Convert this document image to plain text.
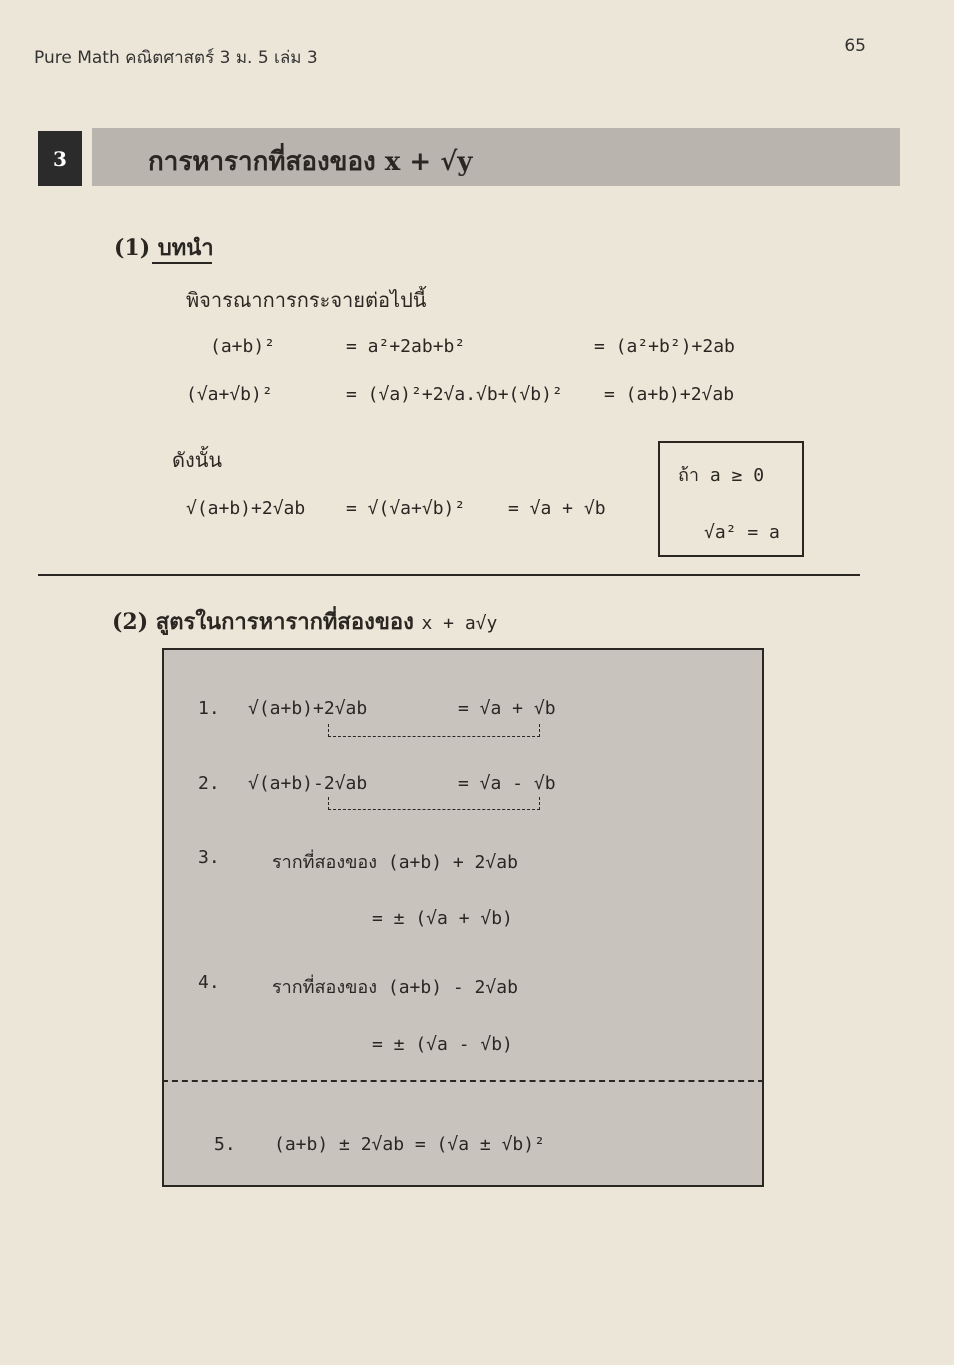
Pure Math คณิตศาสตร์ 3 ม. 5 เล่ม 3
65
3	การหารากที่สองของ x + √y
(1) บทนำ
พิจารณาการกระจายต่อไปนี้
(a+b)²	= a²+2ab+b²	= (a²+b²)+2ab
(√a+√b)²	= (√a)²+2√a.√b+(√b)² = (a+b)+2√ab
ดังนั้น
√(a+b)+2√ab = √(√a+√b)² = √a + √b
ถ้า a ≥ 0
√a² = a
(2) สูตรในการหารากที่สองของ x + a√y
1. √(a+b)+2√ab	= √a + √b
2. √(a+b)-2√ab	= √a - √b
3.	รากที่สองของ (a+b) + 2√ab
= ± (√a + √b)
4.	รากที่สองของ (a+b) - 2√ab
= ± (√a - √b)
5. (a+b) ± 2√ab = (√a ± √b)²
